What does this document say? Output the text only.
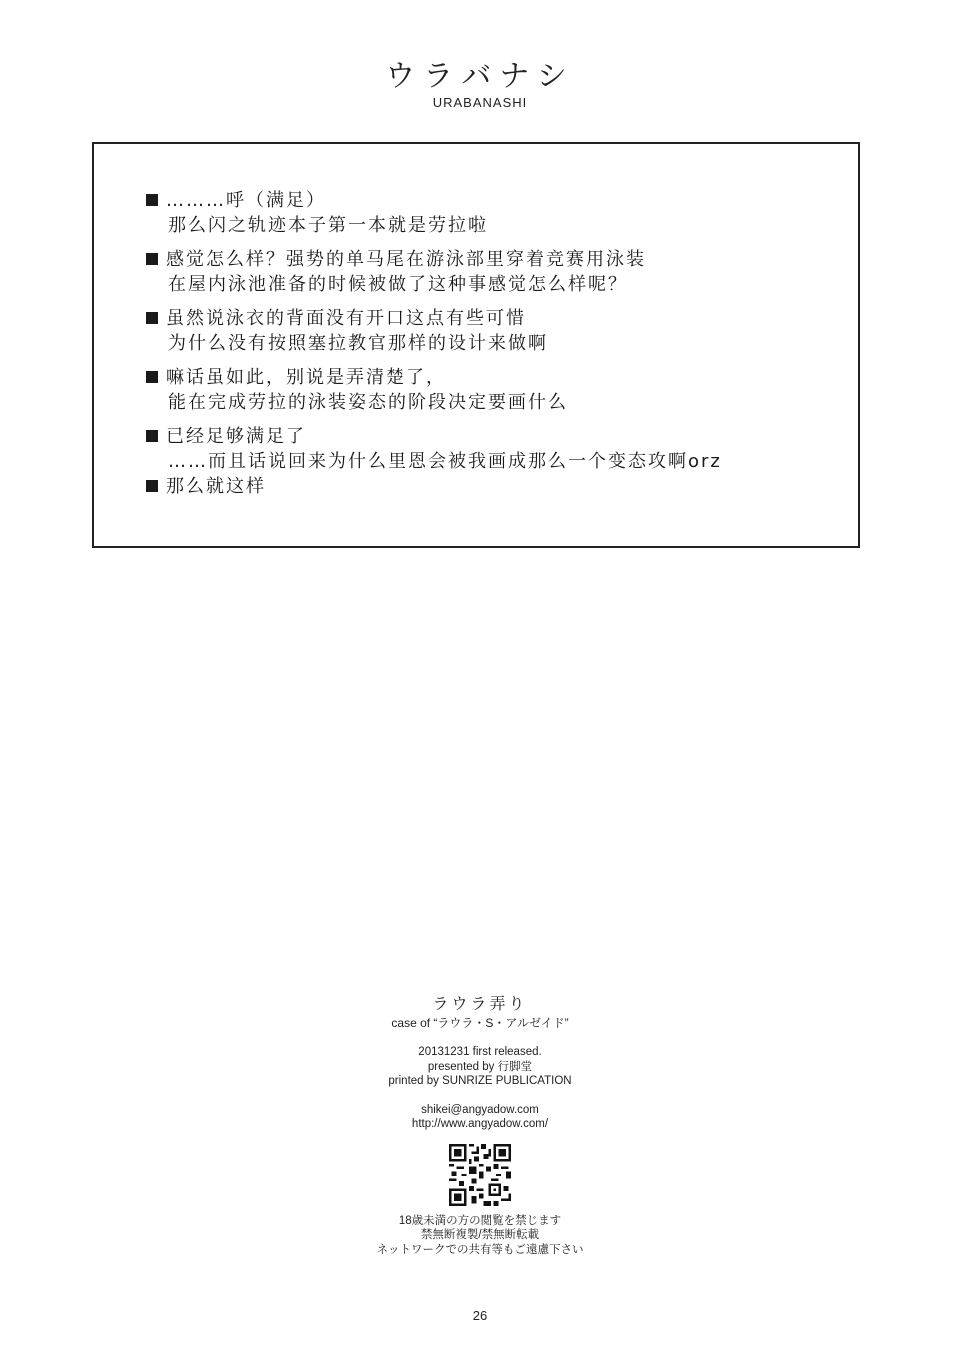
ウラバナシ
URABANASHI
………呼（满足）
那么闪之轨迹本子第一本就是劳拉啦
感觉怎么样？强势的单马尾在游泳部里穿着竞赛用泳装
在屋内泳池准备的时候被做了这种事感觉怎么样呢？
虽然说泳衣的背面没有开口这点有些可惜
为什么没有按照塞拉教官那样的设计来做啊
嘛话虽如此，别说是弄清楚了，
能在完成劳拉的泳装姿态的阶段决定要画什么
已经足够满足了
……而且话说回来为什么里恩会被我画成那么一个变态攻啊orz
那么就这样
ラウラ弄り
case of “ラウラ・S・アルゼイド”
20131231 first released.
presented by 行脚堂
printed by SUNRIZE PUBLICATION
shikei@angyadow.com
http://www.angyadow.com/
18歳未満の方の閲覧を禁じます
禁無断複製/禁無断転載
ネットワークでの共有等もご遠慮下さい
26
